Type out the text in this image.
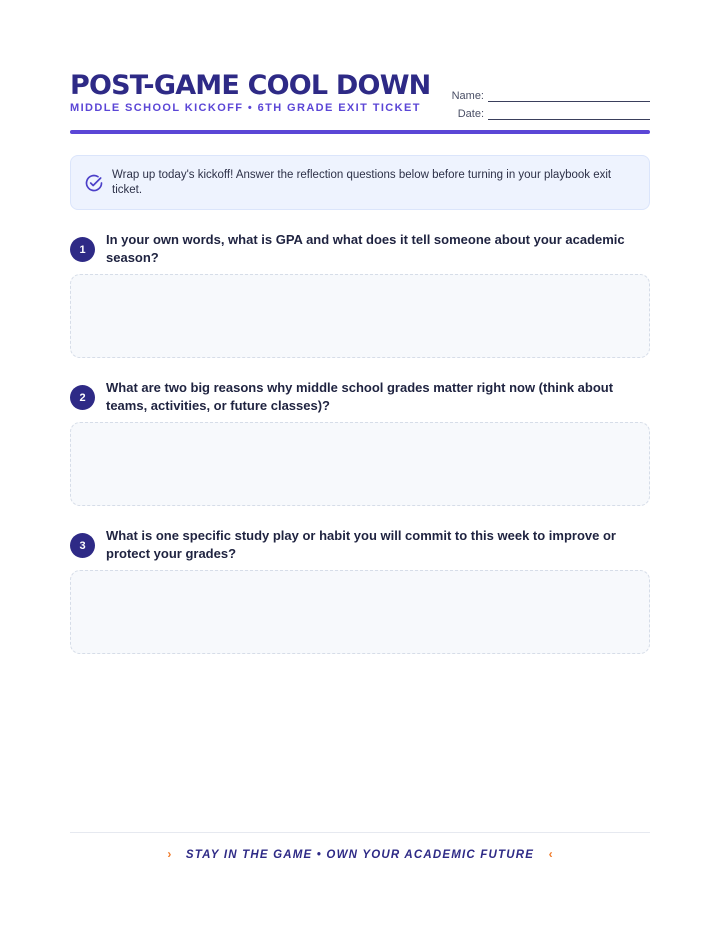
POST-GAME COOL DOWN
MIDDLE SCHOOL KICKOFF • 6TH GRADE EXIT TICKET
Name:
Date:
Wrap up today's kickoff! Answer the reflection questions below before turning in your playbook exit ticket.
1
In your own words, what is GPA and what does it tell someone about your academic season?
2
What are two big reasons why middle school grades matter right now (think about teams, activities, or future classes)?
3
What is one specific study play or habit you will commit to this week to improve or protect your grades?
› STAY IN THE GAME • OWN YOUR ACADEMIC FUTURE ‹
